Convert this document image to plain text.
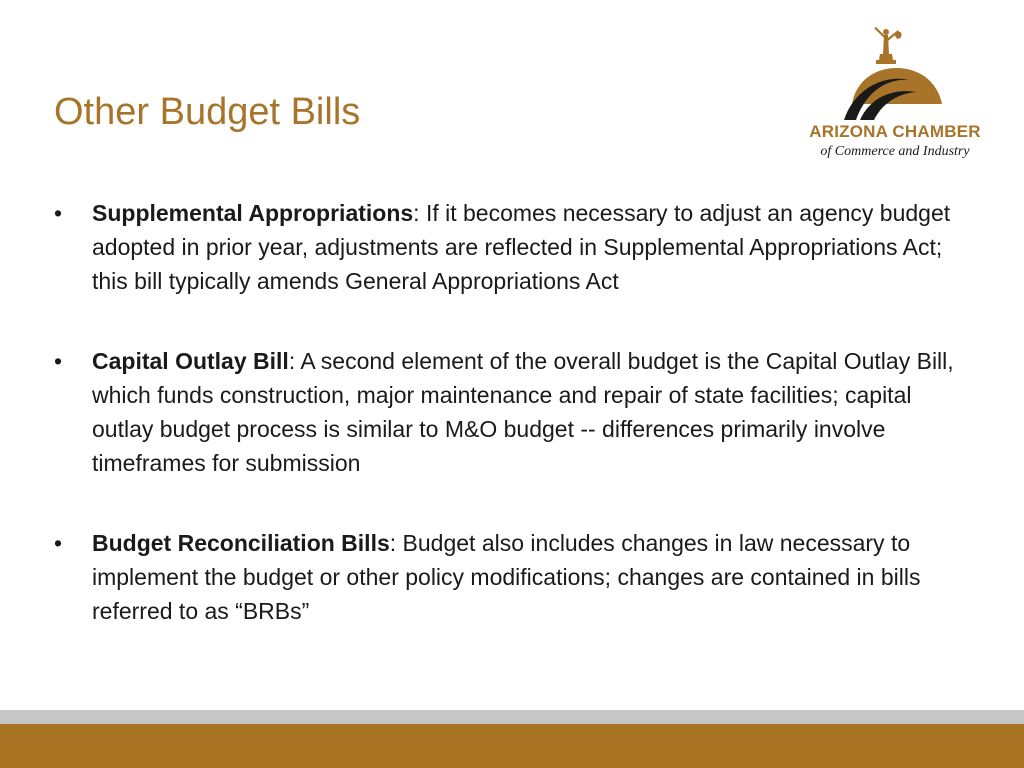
Other Budget Bills	ARIZONA CHAMBER
of Commerce and Industry
• Supplemental Appropriations: If it becomes necessary to adjust an agency budget adopted in prior year, adjustments are reflected in Supplemental Appropriations Act; this bill typically amends General Appropriations Act
• Capital Outlay Bill: A second element of the overall budget is the Capital Outlay Bill, which funds construction, major maintenance and repair of state facilities; capital outlay budget process is similar to M&O budget -- differences primarily involve timeframes for submission
• Budget Reconciliation Bills: Budget also includes changes in law necessary to implement the budget or other policy modifications; changes are contained in bills referred to as “BRBs”
